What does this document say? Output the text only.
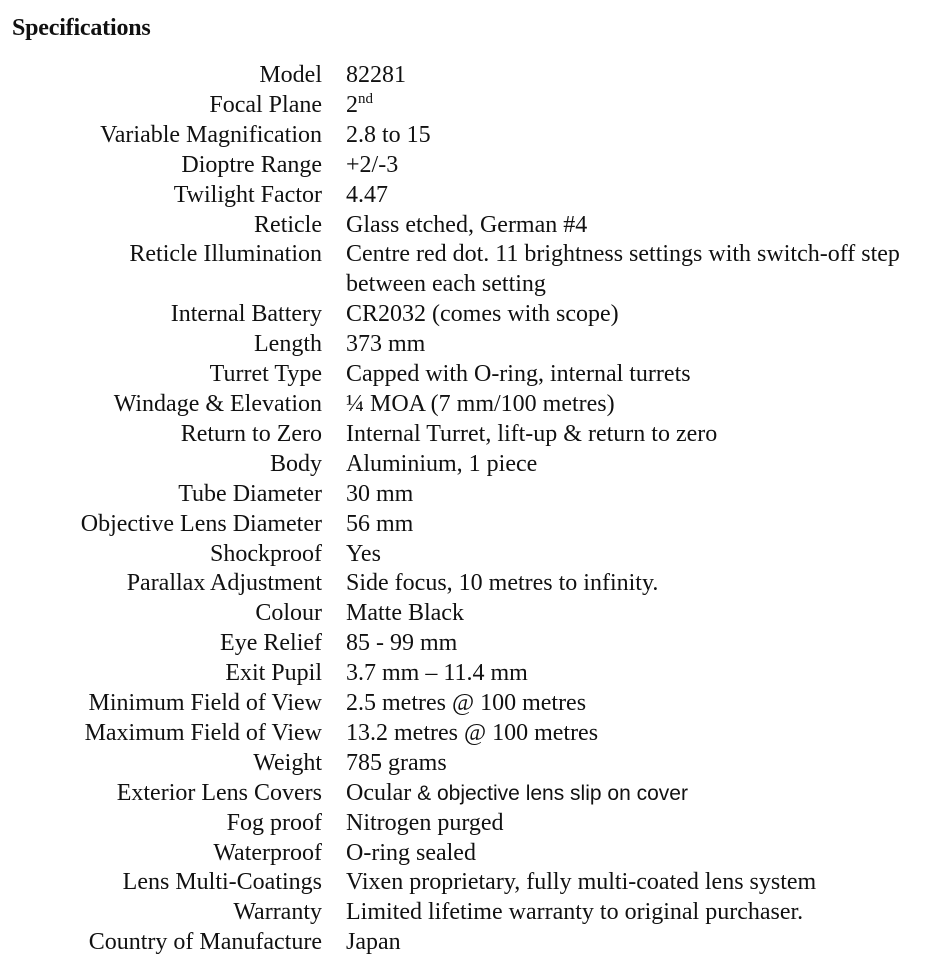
Specifications
Model 82281
Focal Plane 2nd
Variable Magnification 2.8 to 15
Dioptre Range +2/-3
Twilight Factor 4.47
Reticle Glass etched, German #4
Reticle Illumination Centre red dot. 11 brightness settings with switch-off step between each setting
Internal Battery CR2032 (comes with scope)
Length 373 mm
Turret Type Capped with O-ring, internal turrets
Windage & Elevation ¼ MOA (7 mm/100 metres)
Return to Zero Internal Turret, lift-up & return to zero
Body Aluminium, 1 piece
Tube Diameter 30 mm
Objective Lens Diameter 56 mm
Shockproof Yes
Parallax Adjustment Side focus, 10 metres to infinity.
Colour Matte Black
Eye Relief 85 - 99 mm
Exit Pupil 3.7 mm – 11.4 mm
Minimum Field of View 2.5 metres @ 100 metres
Maximum Field of View 13.2 metres @ 100 metres
Weight 785 grams
Exterior Lens Covers Ocular & objective lens slip on cover
Fog proof Nitrogen purged
Waterproof O-ring sealed
Lens Multi-Coatings Vixen proprietary, fully multi-coated lens system
Warranty Limited lifetime warranty to original purchaser.
Country of Manufacture Japan
